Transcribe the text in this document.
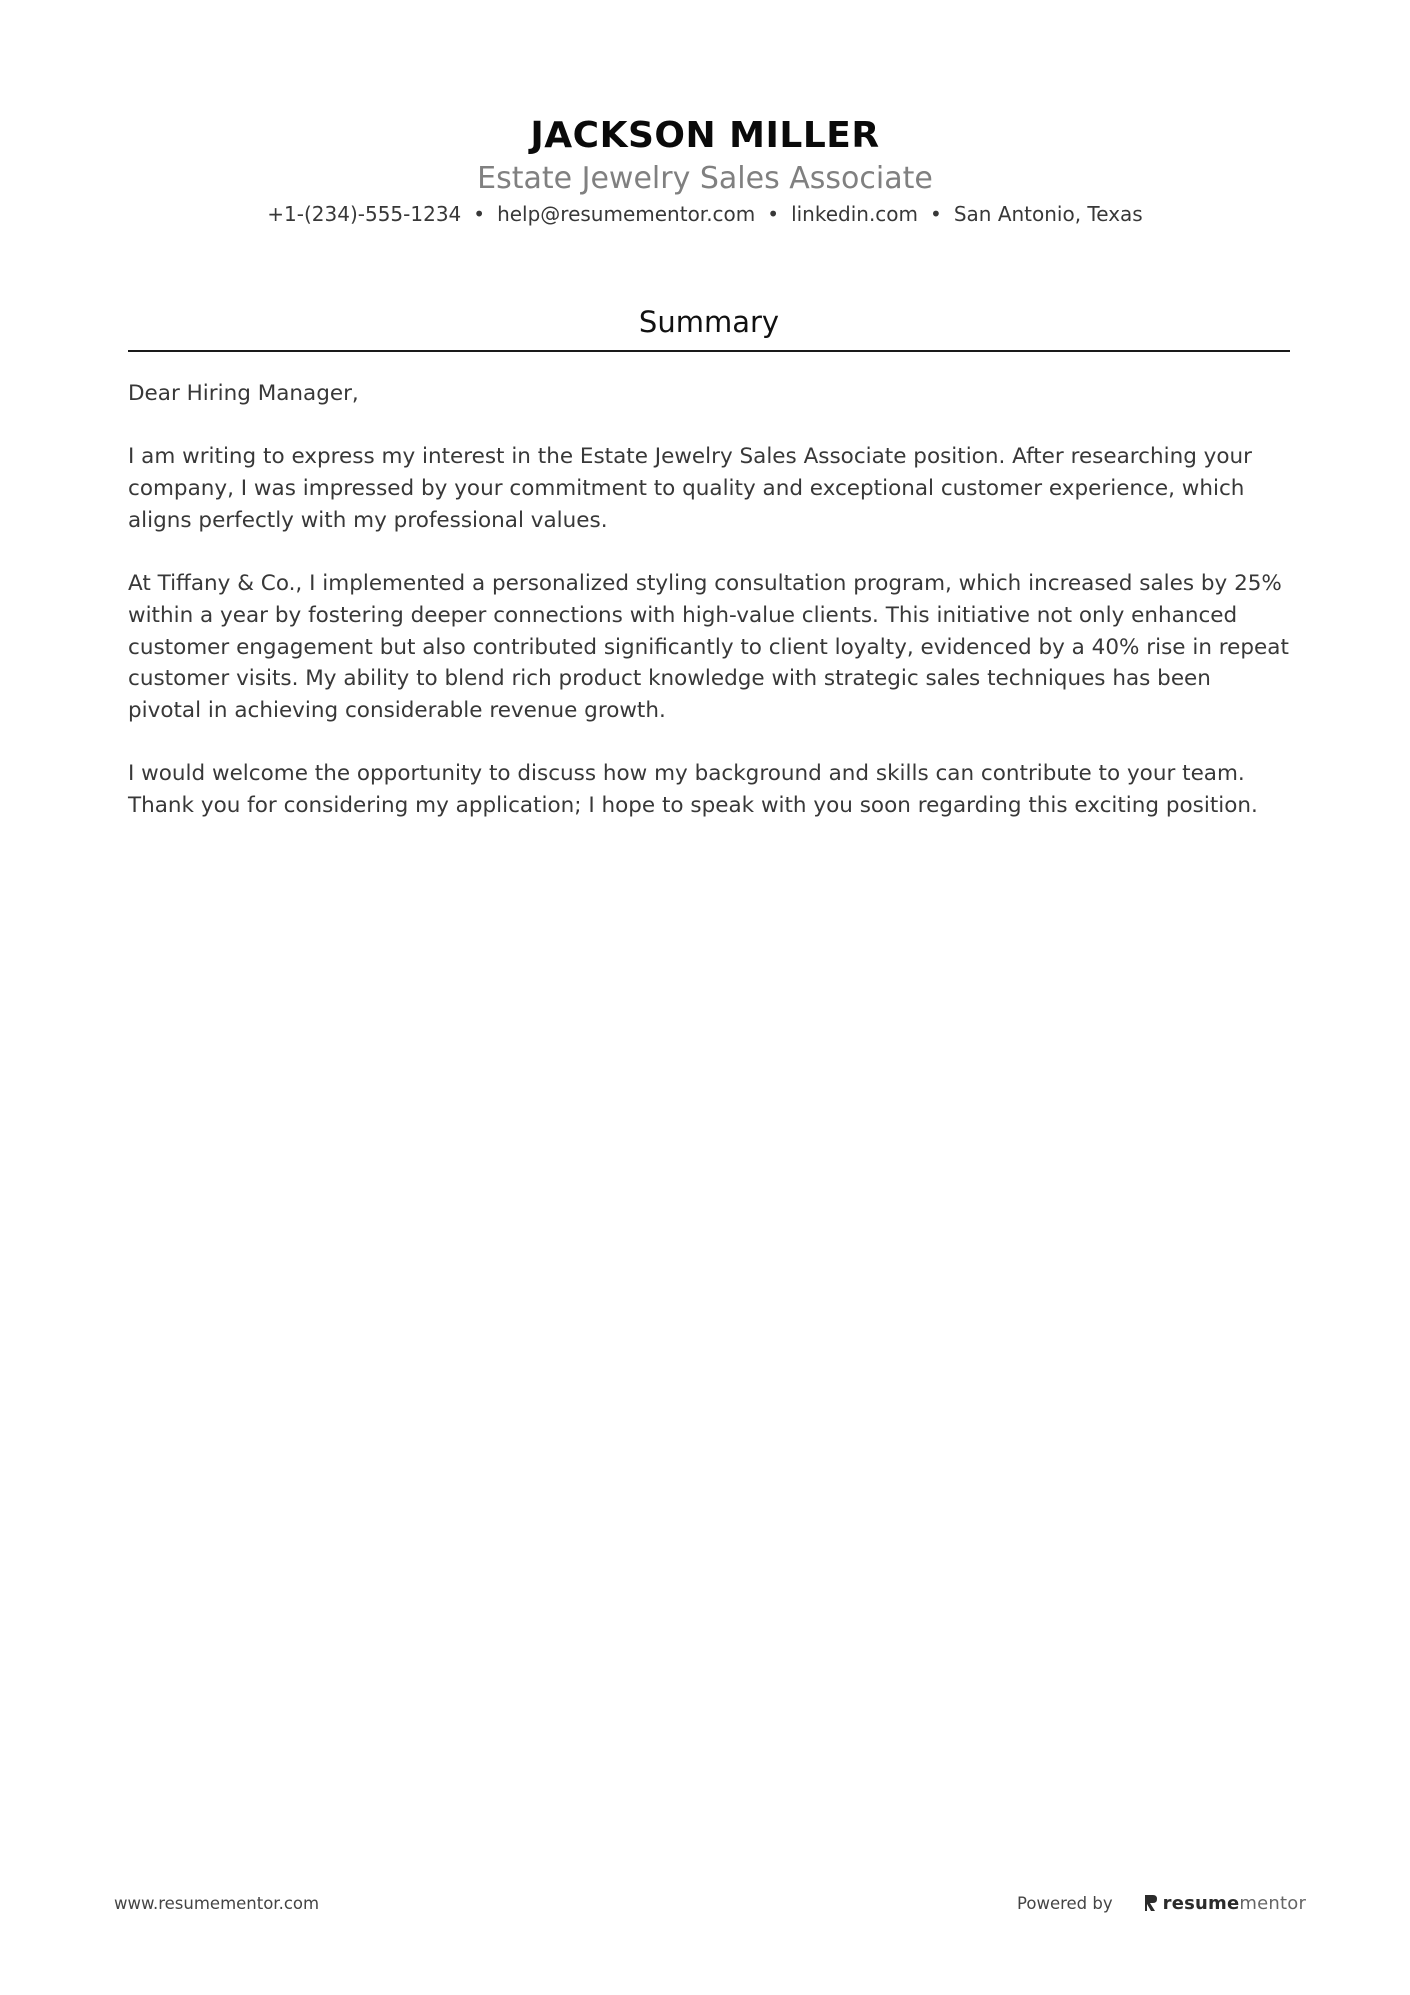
JACKSON MILLER

Estate Jewelry Sales Associate

+1-(234)-555-1234 • help@resumementor.com • linkedin.com • San Antonio, Texas

Summary

Dear Hiring Manager,

I am writing to express my interest in the Estate Jewelry Sales Associate position. After researching your company, I was impressed by your commitment to quality and exceptional customer experience, which aligns perfectly with my professional values.

At Tiffany & Co., I implemented a personalized styling consultation program, which increased sales by 25% within a year by fostering deeper connections with high-value clients. This initiative not only enhanced customer engagement but also contributed significantly to client loyalty, evidenced by a 40% rise in repeat customer visits. My ability to blend rich product knowledge with strategic sales techniques has been pivotal in achieving considerable revenue growth.

I would welcome the opportunity to discuss how my background and skills can contribute to your team. Thank you for considering my application; I hope to speak with you soon regarding this exciting position.

www.resumementor.com	Powered by	resume mentor
